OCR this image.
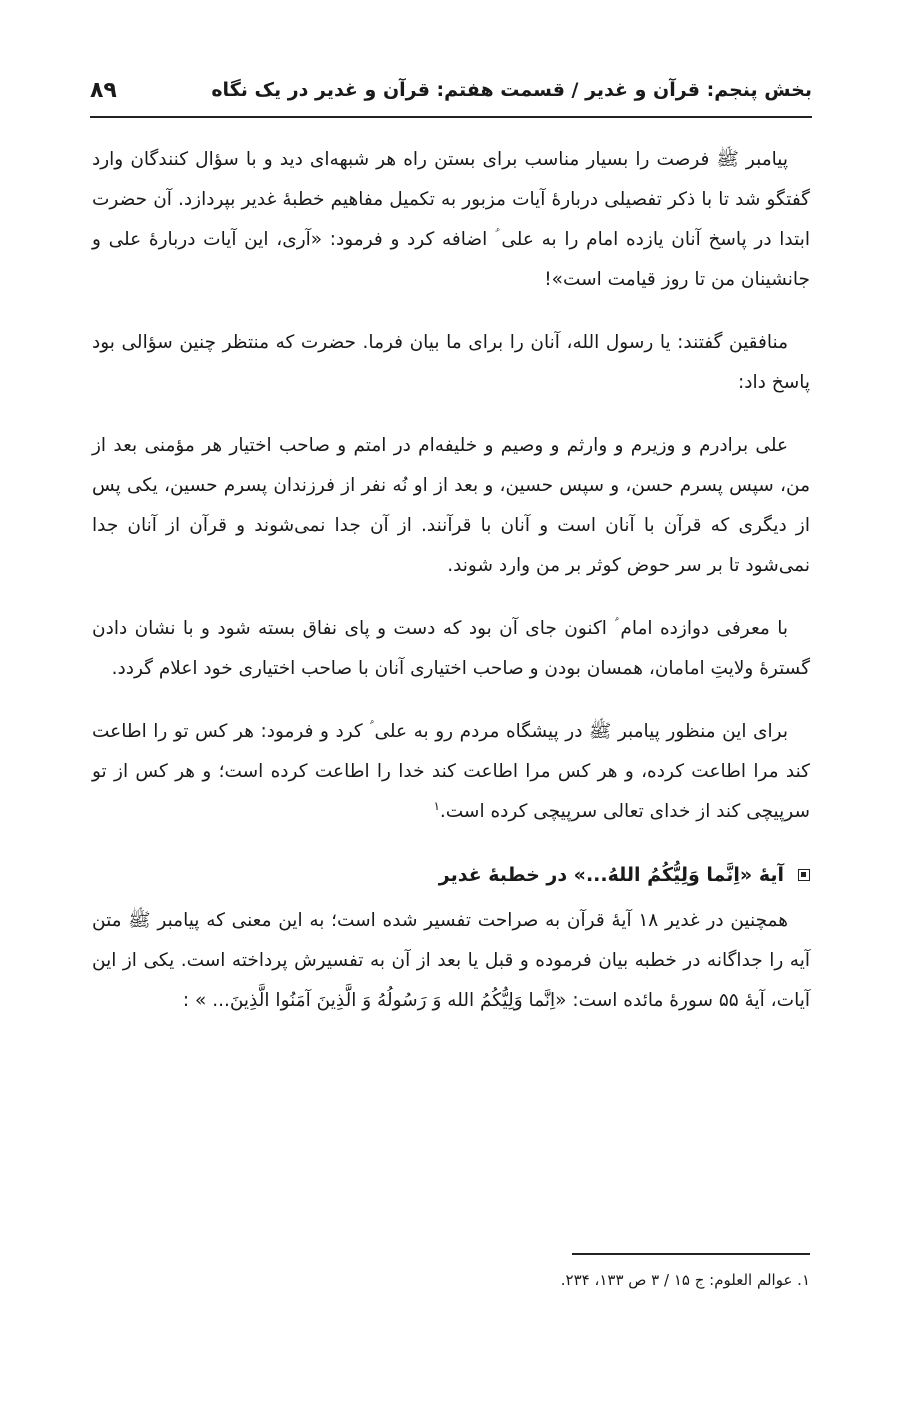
بخش پنجم: قرآن و غدیر / قسمت هفتم: قرآن و غدیر در یک نگاه
۸۹

پیامبر ﷺ فرصت را بسیار مناسب برای بستن راه هر شبهه‌ای دید و با سؤال کنندگان وارد گفتگو شد تا با ذکر تفصیلی دربارهٔ آیات مزبور به تکمیل مفاهیم خطبهٔ غدیر بپردازد. آن حضرت ابتدا در پاسخ آنان یازده امام را به علی ؑ اضافه کرد و فرمود: «آری، این آیات دربارهٔ علی و جانشینان من تا روز قیامت است»!

منافقین گفتند: یا رسول الله، آنان را برای ما بیان فرما. حضرت که منتظر چنین سؤالی بود پاسخ داد:

علی برادرم و وزیرم و وارثم و وصیم و خلیفه‌ام در امتم و صاحب اختیار هر مؤمنی بعد از من، سپس پسرم حسن، و سپس حسین، و بعد از او نُه نفر از فرزندان پسرم حسین، یکی پس از دیگری که قرآن با آنان است و آنان با قرآنند. از آن جدا نمی‌شوند و قرآن از آنان جدا نمی‌شود تا بر سر حوض کوثر بر من وارد شوند.

با معرفی دوازده امام ؑ اکنون جای آن بود که دست و پای نفاق بسته شود و با نشان دادن گسترهٔ ولایتِ امامان، همسان بودن و صاحب اختیاری آنان با صاحب اختیاری خود اعلام گردد.

برای این منظور پیامبر ﷺ در پیشگاه مردم رو به علی ؑ کرد و فرمود: هر کس تو را اطاعت کند مرا اطاعت کرده، و هر کس مرا اطاعت کند خدا را اطاعت کرده است؛ و هر کس از تو سرپیچی کند از خدای تعالی سرپیچی کرده است.$^۱$

آیهٔ «اِنَّما وَلِیُّکُمُ اللهُ...» در خطبهٔ غدیر

همچنین در غدیر ۱۸ آیهٔ قرآن به صراحت تفسیر شده است؛ به این معنی که پیامبر ﷺ متن آیه را جداگانه در خطبه بیان فرموده و قبل یا بعد از آن به تفسیرش پرداخته است. یکی از این آیات، آیهٔ ۵۵ سورهٔ مائده است: «اِنَّما وَلِیُّکُمُ الله وَ رَسُولُهُ وَ الَّذِینَ آمَنُوا الَّذِینَ... » :

۱. عوالم العلوم: ج ۱۵ / ۳ ص ۱۳۳، ۲۳۴.
